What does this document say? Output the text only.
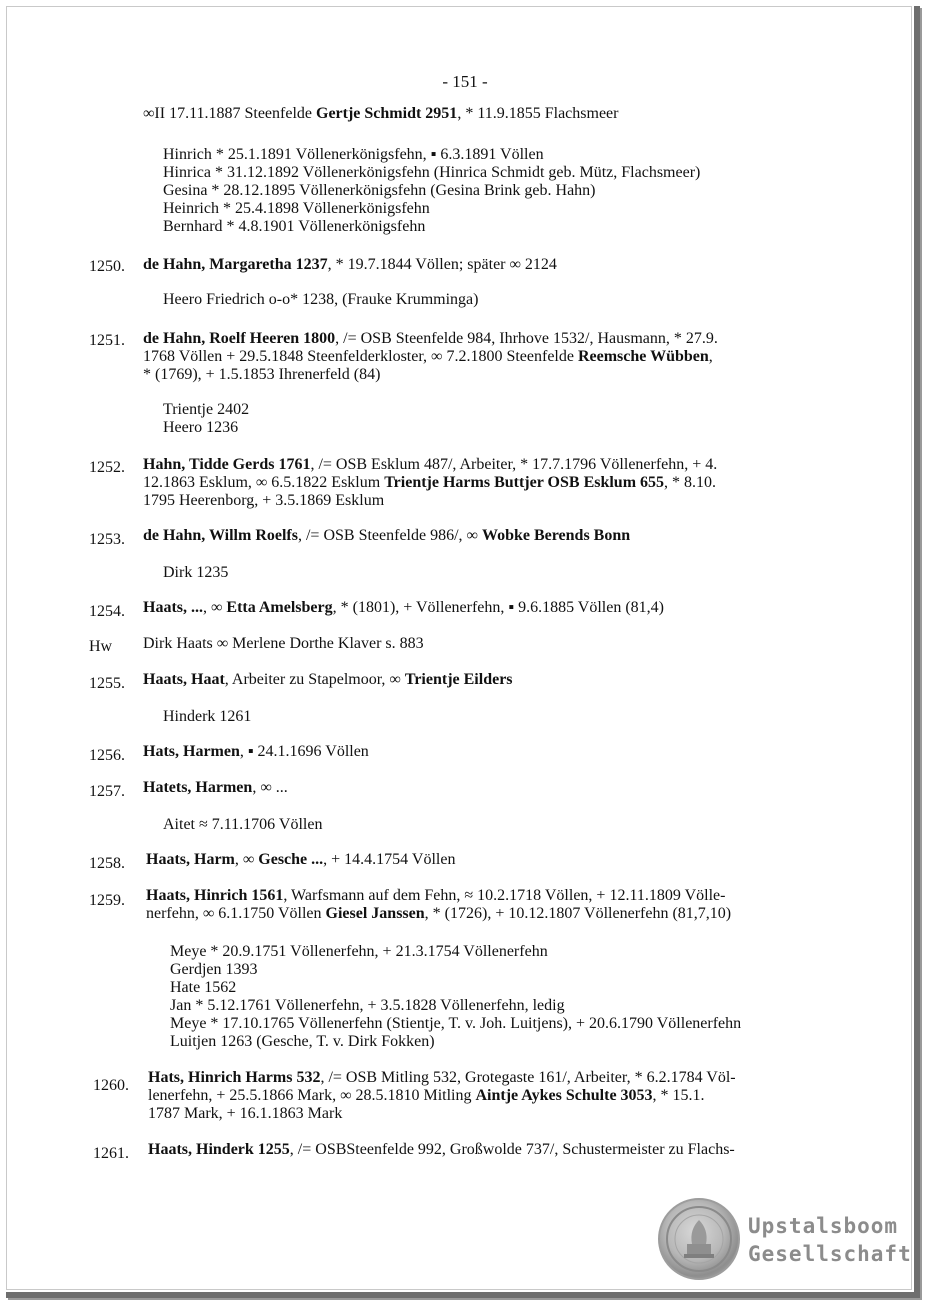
- 151 -
∞II 17.11.1887 Steenfelde Gertje Schmidt 2951, * 11.9.1855 Flachsmeer
Hinrich * 25.1.1891 Völlenerkönigsfehn, ▪ 6.3.1891 Völlen
Hinrica * 31.12.1892 Völlenerkönigsfehn (Hinrica Schmidt geb. Mütz, Flachsmeer)
Gesina * 28.12.1895 Völlenerkönigsfehn (Gesina Brink geb. Hahn)
Heinrich * 25.4.1898 Völlenerkönigsfehn
Bernhard * 4.8.1901 Völlenerkönigsfehn
1250. de Hahn, Margaretha 1237, * 19.7.1844 Völlen; später ∞ 2124
Heero Friedrich o-o* 1238, (Frauke Krumminga)
1251. de Hahn, Roelf Heeren 1800, /= OSB Steenfelde 984, Ihrhove 1532/, Hausmann, * 27.9.
1768 Völlen + 29.5.1848 Steenfelderkloster, ∞ 7.2.1800 Steenfelde Reemsche Wübben,
* (1769), + 1.5.1853 Ihrenerfeld (84)
Trientje 2402
Heero 1236
1252. Hahn, Tidde Gerds 1761, /= OSB Esklum 487/, Arbeiter, * 17.7.1796 Völlenerfehn, + 4.
12.1863 Esklum, ∞ 6.5.1822 Esklum Trientje Harms Buttjer OSB Esklum 655, * 8.10.
1795 Heerenborg, + 3.5.1869 Esklum
1253. de Hahn, Willm Roelfs, /= OSB Steenfelde 986/, ∞ Wobke Berends Bonn
Dirk 1235
1254. Haats, ..., ∞ Etta Amelsberg, * (1801), + Völlenerfehn, ▪ 9.6.1885 Völlen (81,4)
Hw Dirk Haats ∞ Merlene Dorthe Klaver s. 883
1255. Haats, Haat, Arbeiter zu Stapelmoor, ∞ Trientje Eilders
Hinderk 1261
1256. Hats, Harmen, ▪ 24.1.1696 Völlen
1257. Hatets, Harmen, ∞ ...
Aitet ≈ 7.11.1706 Völlen
1258. Haats, Harm, ∞ Gesche ..., + 14.4.1754 Völlen
1259. Haats, Hinrich 1561, Warfsmann auf dem Fehn, ≈ 10.2.1718 Völlen, + 12.11.1809 Völle-
nerfehn, ∞ 6.1.1750 Völlen Giesel Janssen, * (1726), + 10.12.1807 Völlenerfehn (81,7,10)
Meye * 20.9.1751 Völlenerfehn, + 21.3.1754 Völlenerfehn
Gerdjen 1393
Hate 1562
Jan * 5.12.1761 Völlenerfehn, + 3.5.1828 Völlenerfehn, ledig
Meye * 17.10.1765 Völlenerfehn (Stientje, T. v. Joh. Luitjens), + 20.6.1790 Völlenerfehn
Luitjen 1263 (Gesche, T. v. Dirk Fokken)
1260. Hats, Hinrich Harms 532, /= OSB Mitling 532, Grotegaste 161/, Arbeiter, * 6.2.1784 Völ-
lenerfehn, + 25.5.1866 Mark, ∞ 28.5.1810 Mitling Aintje Aykes Schulte 3053, * 15.1.
1787 Mark, + 16.1.1863 Mark
1261. Haats, Hinderk 1255, /= OSBSteenfelde 992, Großwolde 737/, Schustermeister zu Flachs-
Upstalsboom
Gesellschaft
